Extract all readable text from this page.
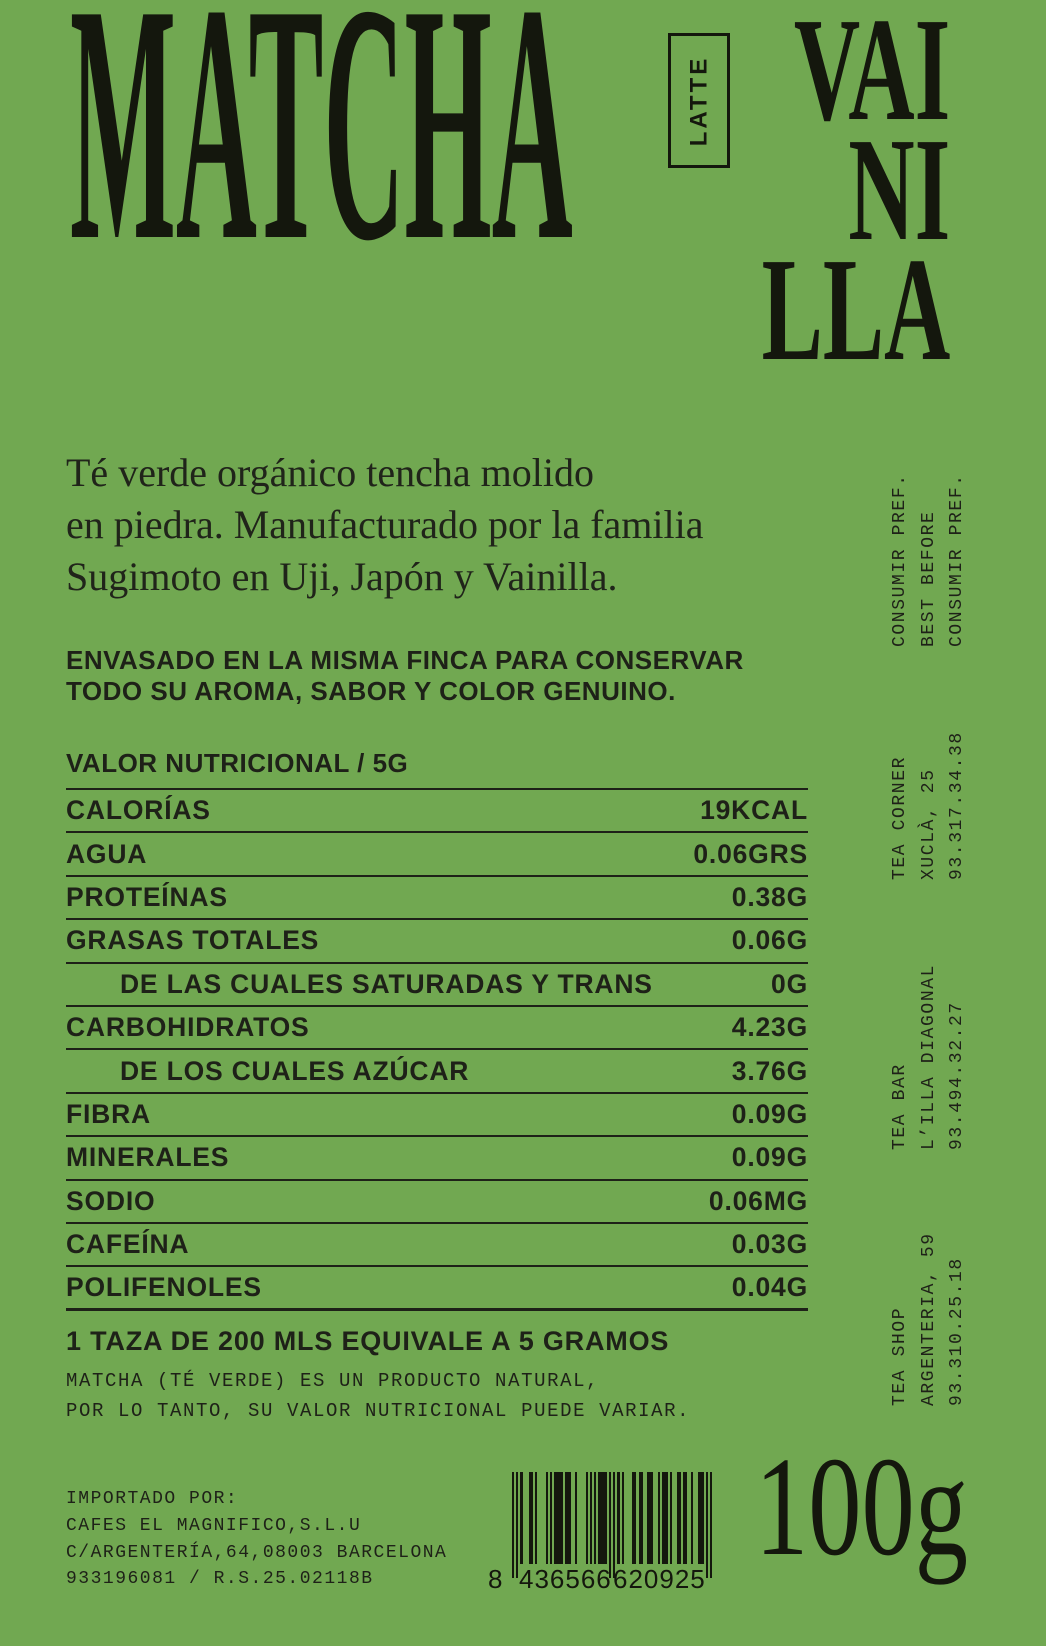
MATCHA	LATTE VAI
NI
LLA

Té verde orgánico tencha molido
en piedra. Manufacturado por la familia
Sugimoto en Uji, Japón y Vainilla.

ENVASADO EN LA MISMA FINCA PARA CONSERVAR
TODO SU AROMA, SABOR Y COLOR GENUINO.

VALOR NUTRICIONAL / 5G
CALORÍAS	19KCAL
AGUA	0.06GRS
PROTEÍNAS	0.38G
GRASAS TOTALES	0.06G
DE LAS CUALES SATURADAS Y TRANS	0G
CARBOHIDRATOS	4.23G
DE LOS CUALES AZÚCAR	3.76G
FIBRA	0.09G
MINERALES	0.09G
SODIO	0.06MG
CAFEÍNA	0.03G
POLIFENOLES	0.04G

1 TAZA DE 200 MLS EQUIVALE A 5 GRAMOS

MATCHA (TÉ VERDE) ES UN PRODUCTO NATURAL,
POR LO TANTO, SU VALOR NUTRICIONAL PUEDE VARIAR.

CONSUMIR PREF. BEST BEFORE CONSUMIR PREF.
TEA CORNER XUCLÀ, 25 93.317.34.38
TEA BAR L’ILLA DIAGONAL 93.494.32.27
TEA SHOP ARGENTERIA, 59 93.310.25.18

IMPORTADO POR:
CAFES EL MAGNIFICO,S.L.U
C/ARGENTERÍA,64,08003 BARCELONA
933196081 / R.S.25.02118B	8 436566 620925 100g
